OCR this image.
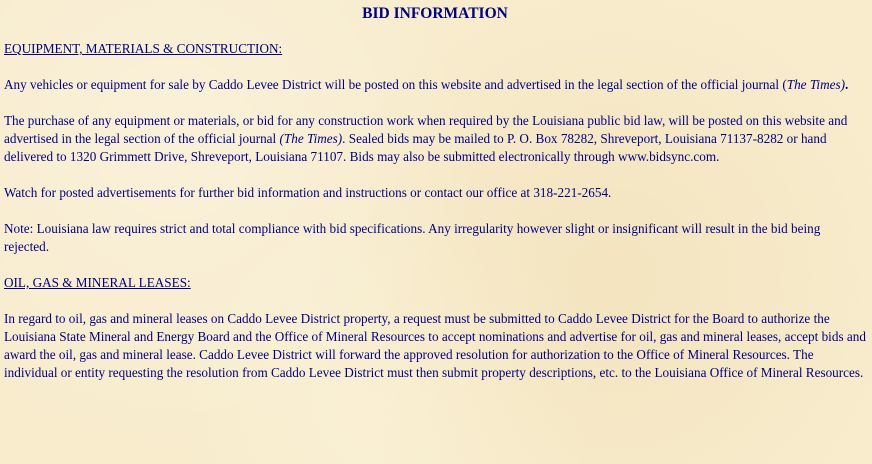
BID INFORMATION
EQUIPMENT, MATERIALS & CONSTRUCTION:

Any vehicles or equipment for sale by Caddo Levee District will be posted on this website and advertised in the legal section of the official journal (The Times).

The purchase of any equipment or materials, or bid for any construction work when required by the Louisiana public bid law, will be posted on this website and advertised in the legal section of the official journal (The Times). Sealed bids may be mailed to P. O. Box 78282, Shreveport, Louisiana 71137-8282 or hand delivered to 1320 Grimmett Drive, Shreveport, Louisiana 71107. Bids may also be submitted electronically through www.bidsync.com.

Watch for posted advertisements for further bid information and instructions or contact our office at 318-221-2654.

Note: Louisiana law requires strict and total compliance with bid specifications. Any irregularity however slight or insignificant will result in the bid being rejected.

OIL, GAS & MINERAL LEASES:

In regard to oil, gas and mineral leases on Caddo Levee District property, a request must be submitted to Caddo Levee District for the Board to authorize the Louisiana State Mineral and Energy Board and the Office of Mineral Resources to accept nominations and advertise for oil, gas and mineral leases, accept bids and award the oil, gas and mineral lease. Caddo Levee District will forward the approved resolution for authorization to the Office of Mineral Resources. The individual or entity requesting the resolution from Caddo Levee District must then submit property descriptions, etc. to the Louisiana Office of Mineral Resources.
